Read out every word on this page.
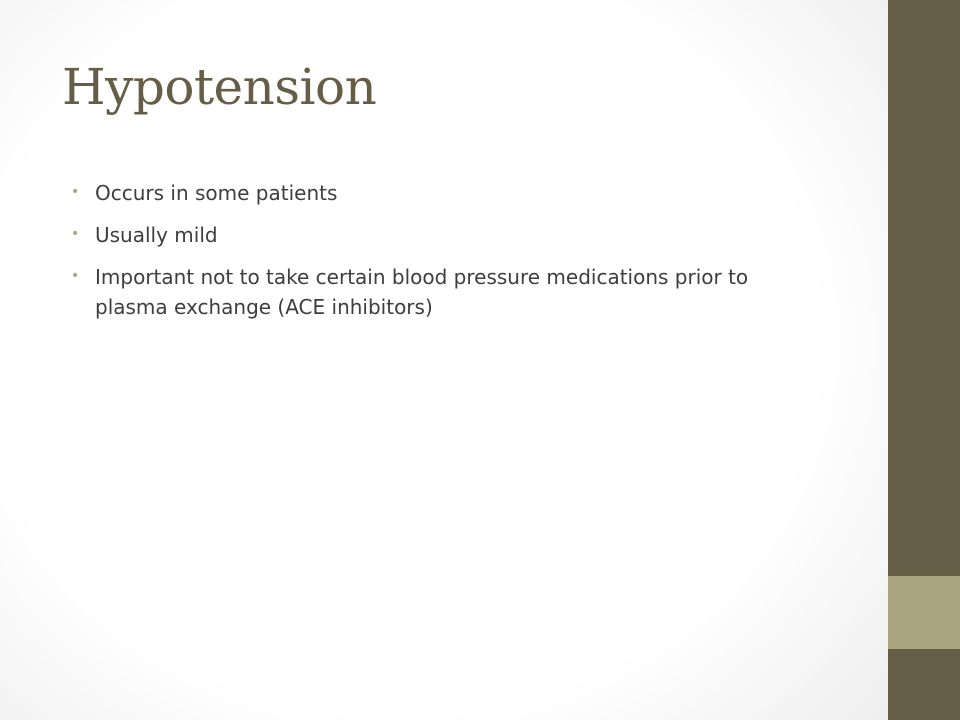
Hypotension
• Occurs in some patients
• Usually mild
• Important not to take certain blood pressure medications prior to plasma exchange (ACE inhibitors)
